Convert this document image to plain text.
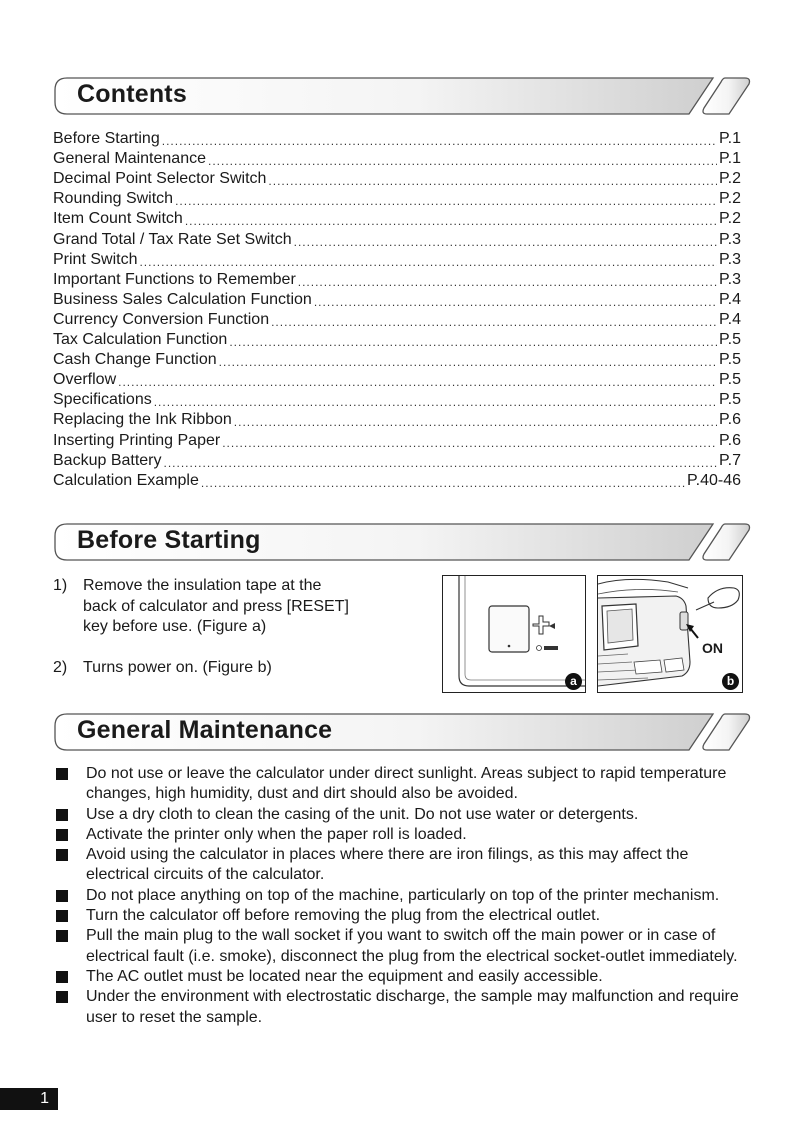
Contents
Before Starting .....	P.1
General Maintenance .....	P.1
Decimal Point Selector Switch .....	P.2
Rounding Switch .....	P.2
Item Count Switch .....	P.2
Grand Total / Tax Rate Set Switch .....	P.3
Print Switch .....	P.3
Important Functions to Remember .....	P.3
Business Sales Calculation Function .....	P.4
Currency Conversion Function .....	P.4
Tax Calculation Function .....	P.5
Cash Change Function .....	P.5
Overflow .....	P.5
Specifications .....	P.5
Replacing the Ink Ribbon .....	P.6
Inserting Printing Paper .....	P.6
Backup Battery .....	P.7
Calculation Example .....	P.40-46
Before Starting
1) Remove the insulation tape at the
back of calculator and press [RESET]
key before use. (Figure a)
2) Turns power on. (Figure b)
a
ON
b
General Maintenance
Do not use or leave the calculator under direct sunlight. Areas subject to rapid temperature changes, high humidity, dust and dirt should also be avoided.
Use a dry cloth to clean the casing of the unit. Do not use water or detergents.
Activate the printer only when the paper roll is loaded.
Avoid using the calculator in places where there are iron filings, as this may affect the electrical circuits of the calculator.
Do not place anything on top of the machine, particularly on top of the printer mechanism.
Turn the calculator off before removing the plug from the electrical outlet.
Pull the main plug to the wall socket if you want to switch off the main power or in case of electrical fault (i.e. smoke), disconnect the plug from the electrical socket-outlet immediately.
The AC outlet must be located near the equipment and easily accessible.
Under the environment with electrostatic discharge, the sample may malfunction and require user to reset the sample.
1
